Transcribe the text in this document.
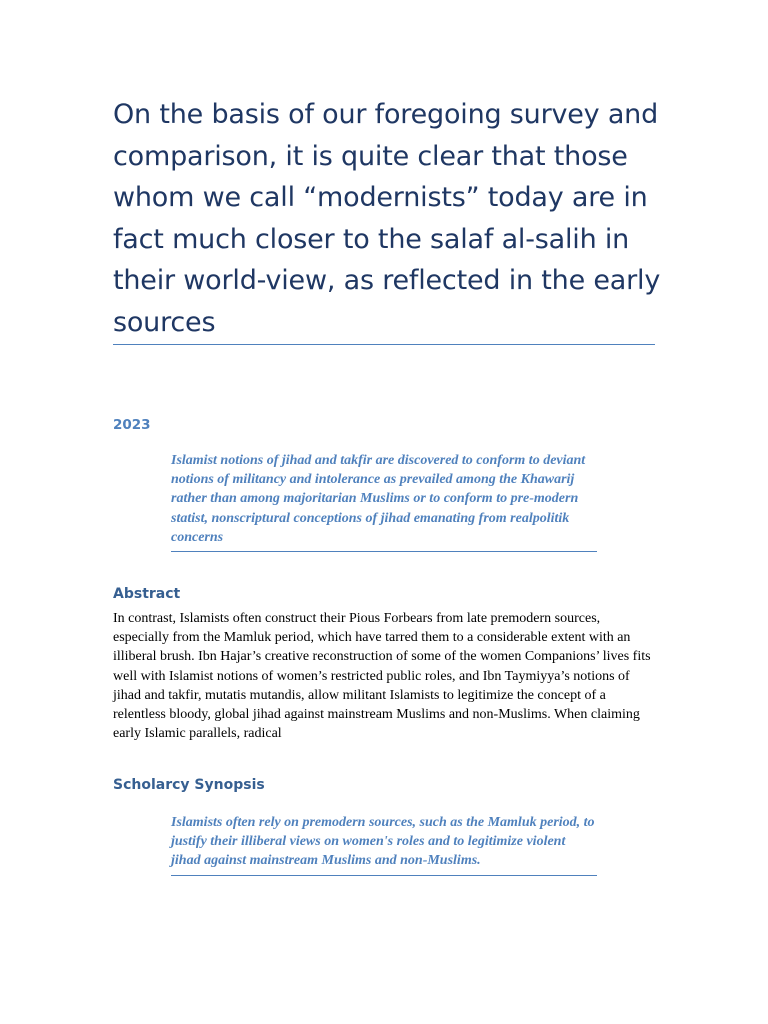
On the basis of our foregoing survey and comparison, it is quite clear that those whom we call “modernists” today are in fact much closer to the salaf al-salih in their world-view, as reflected in the early sources

2023

Islamist notions of jihad and takfir are discovered to conform to deviant notions of militancy and intolerance as prevailed among the Khawarij rather than among majoritarian Muslims or to conform to pre-modern statist, nonscriptural conceptions of jihad emanating from realpolitik concerns

Abstract

In contrast, Islamists often construct their Pious Forbears from late premodern sources, especially from the Mamluk period, which have tarred them to a considerable extent with an illiberal brush. Ibn Hajar’s creative reconstruction of some of the women Companions’ lives fits well with Islamist notions of women’s restricted public roles, and Ibn Taymiyya’s notions of jihad and takfir, mutatis mutandis, allow militant Islamists to legitimize the concept of a relentless bloody, global jihad against mainstream Muslims and non-Muslims. When claiming early Islamic parallels, radical

Scholarcy Synopsis

Islamists often rely on premodern sources, such as the Mamluk period, to justify their illiberal views on women's roles and to legitimize violent jihad against mainstream Muslims and non-Muslims.
